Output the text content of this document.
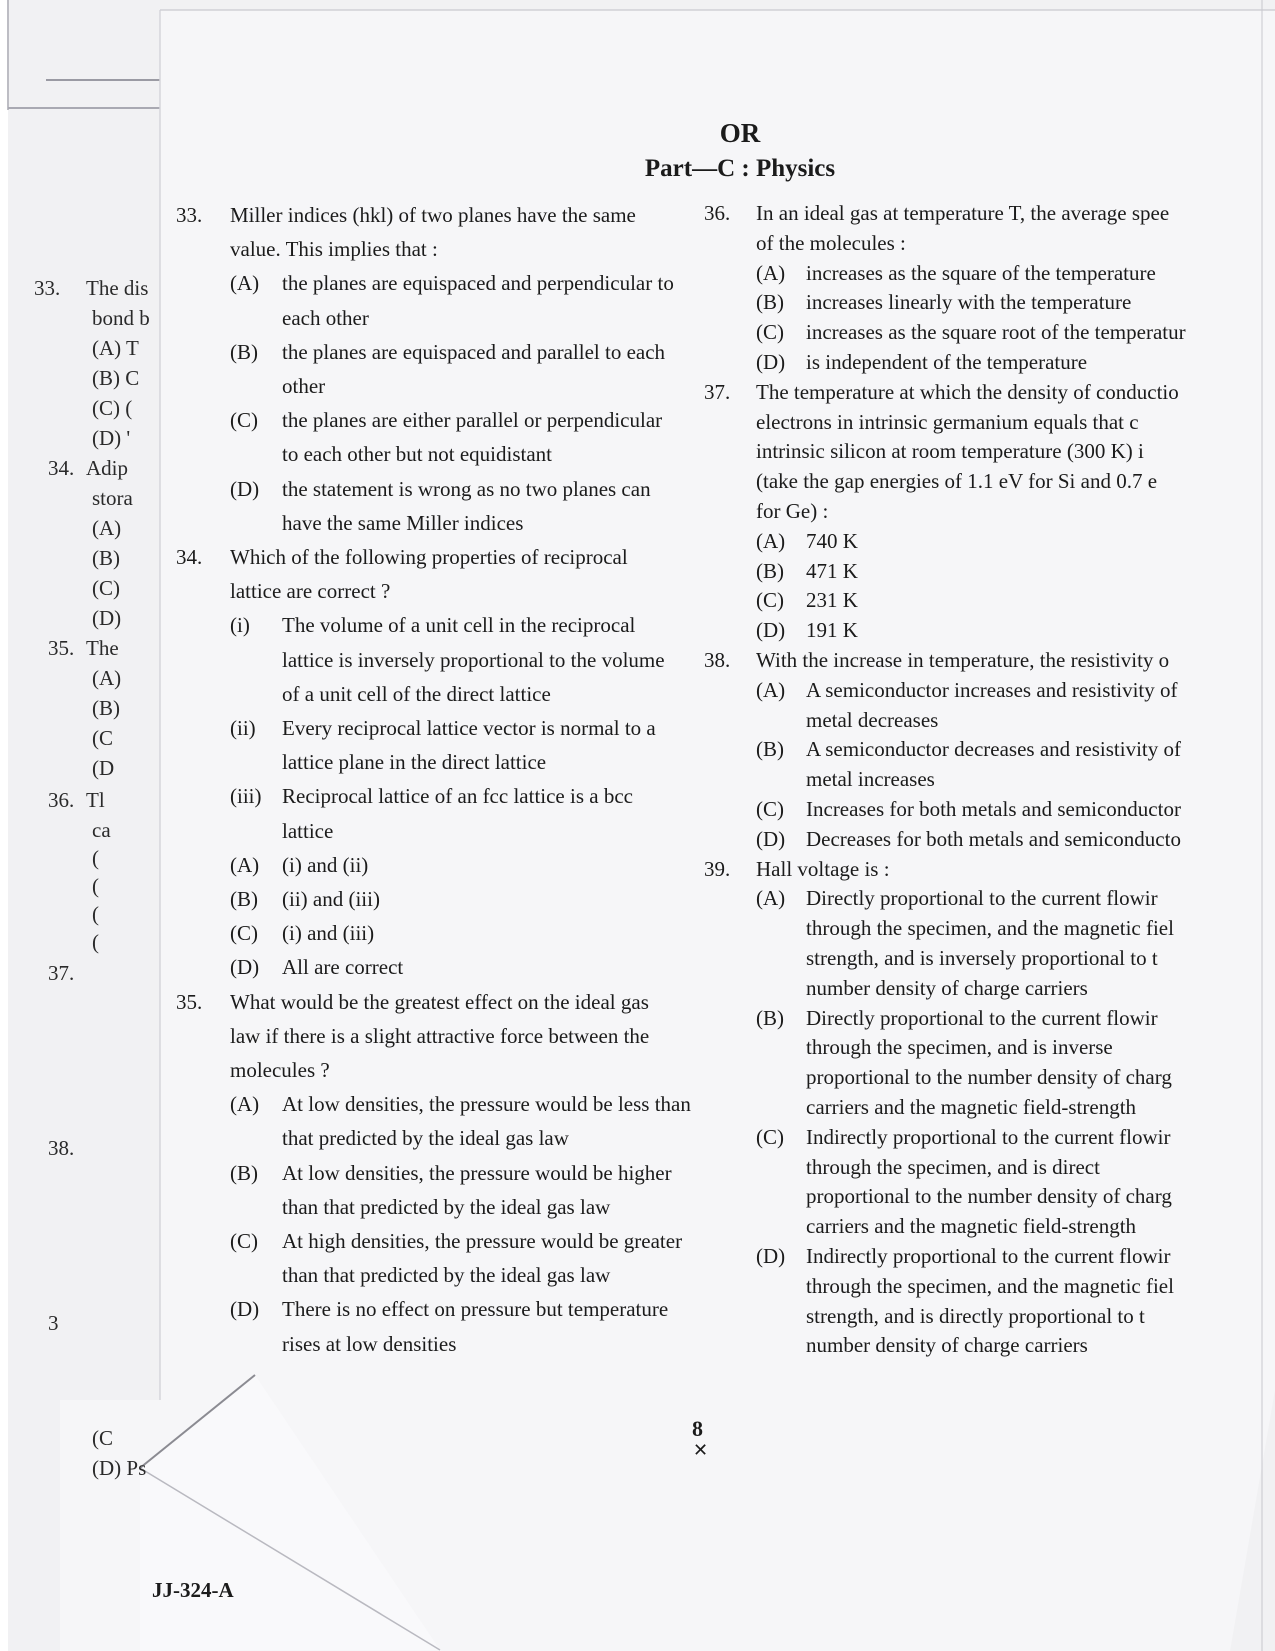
OR
Part—C : Physics
33. The dis
bond b
(A) T
(B) C
(C) (
(D) '
34. Adip
stora
(A)
(B)
(C)
(D)
35. The
(A)
(B)
(C
(D
36. Tl
ca
(
(
(
(
37.
38.
3
(C
(D) Ps
33. Miller indices (hkl) of two planes have the same
value. This implies that :
(A) the planes are equispaced and perpendicular to
each other
(B) the planes are equispaced and parallel to each
other
(C) the planes are either parallel or perpendicular
to each other but not equidistant
(D) the statement is wrong as no two planes can
have the same Miller indices
34. Which of the following properties of reciprocal
lattice are correct ?
(i) The volume of a unit cell in the reciprocal
lattice is inversely proportional to the volume
of a unit cell of the direct lattice
(ii) Every reciprocal lattice vector is normal to a
lattice plane in the direct lattice
(iii) Reciprocal lattice of an fcc lattice is a bcc
lattice
(A) (i) and (ii)
(B) (ii) and (iii)
(C) (i) and (iii)
(D) All are correct
35. What would be the greatest effect on the ideal gas
law if there is a slight attractive force between the
molecules ?
(A) At low densities, the pressure would be less than
that predicted by the ideal gas law
(B) At low densities, the pressure would be higher
than that predicted by the ideal gas law
(C) At high densities, the pressure would be greater
than that predicted by the ideal gas law
(D) There is no effect on pressure but temperature
rises at low densities
36. In an ideal gas at temperature T, the average spee
of the molecules :
(A) increases as the square of the temperature
(B) increases linearly with the temperature
(C) increases as the square root of the temperatur
(D) is independent of the temperature
37. The temperature at which the density of conductio
electrons in intrinsic germanium equals that c
intrinsic silicon at room temperature (300 K) i
(take the gap energies of 1.1 eV for Si and 0.7 e
for Ge) :
(A) 740 K
(B) 471 K
(C) 231 K
(D) 191 K
38. With the increase in temperature, the resistivity o
(A) A semiconductor increases and resistivity of
metal decreases
(B) A semiconductor decreases and resistivity of
metal increases
(C) Increases for both metals and semiconductor
(D) Decreases for both metals and semiconducto
39. Hall voltage is :
(A) Directly proportional to the current flowir
through the specimen, and the magnetic fiel
strength, and is inversely proportional to t
number density of charge carriers
(B) Directly proportional to the current flowir
through the specimen, and is inverse
proportional to the number density of charg
carriers and the magnetic field-strength
(C) Indirectly proportional to the current flowir
through the specimen, and is direct
proportional to the number density of charg
carriers and the magnetic field-strength
(D) Indirectly proportional to the current flowir
through the specimen, and the magnetic fiel
strength, and is directly proportional to t
number density of charge carriers
8
✕
JJ-324-A
